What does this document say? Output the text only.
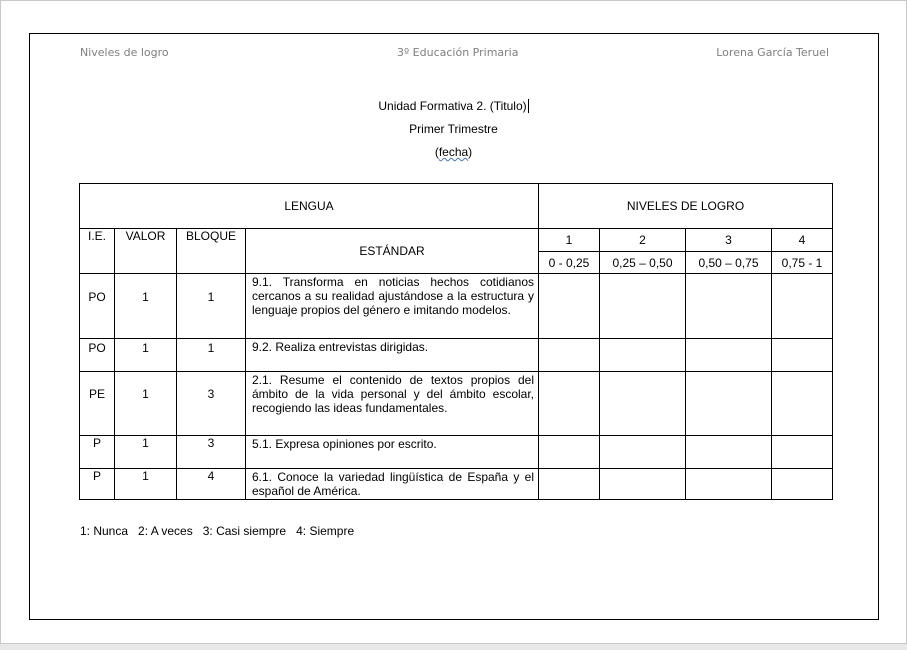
Niveles de logro	3º Educación Primaria	Lorena García Teruel
Unidad Formativa 2. (Titulo)
Primer Trimestre
(fecha)
LENGUA				NIVELES DE LOGRO			
I.E.	VALOR	BLOQUE	ESTÁNDAR	1	2	3	4
				0 - 0,25	0,25 – 0,50	0,50 – 0,75	0,75 - 1
PO	1	1	9.1. Transforma en noticias hechos cotidianos cercanos a su realidad ajustándose a la estructura y lenguaje propios del género e imitando modelos.				
PO	1	1	9.2. Realiza entrevistas dirigidas.				
PE	1	3	2.1. Resume el contenido de textos propios del ámbito de la vida personal y del ámbito escolar, recogiendo las ideas fundamentales.				
P	1	3	5.1. Expresa opiniones por escrito.				
P	1	4	6.1. Conoce la variedad lingüística de España y el español de América.				
1: Nunca   2: A veces   3: Casi siempre   4: Siempre
